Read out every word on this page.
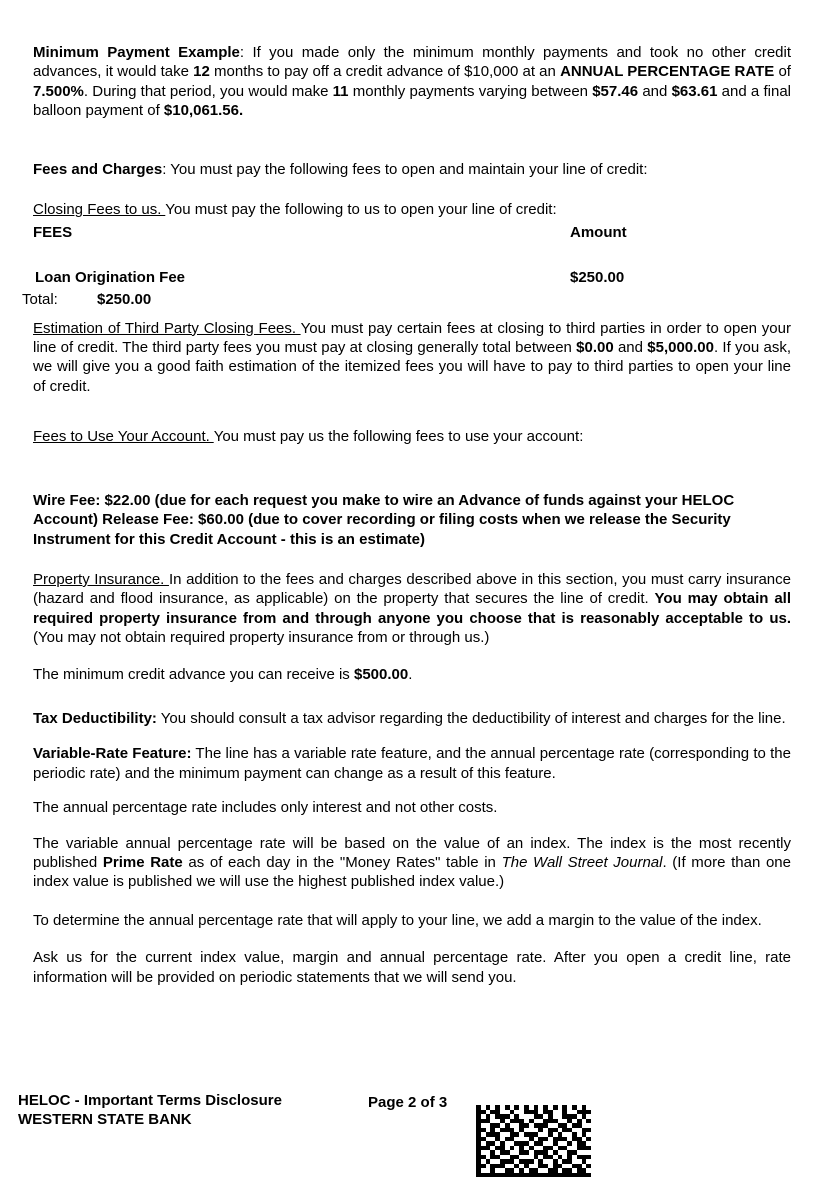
Minimum Payment Example: If you made only the minimum monthly payments and took no other credit advances, it would take 12 months to pay off a credit advance of $10,000 at an ANNUAL PERCENTAGE RATE of 7.500%. During that period, you would make 11 monthly payments varying between $57.46 and $63.61 and a final balloon payment of $10,061.56.
Fees and Charges: You must pay the following fees to open and maintain your line of credit:
Closing Fees to us. You must pay the following to us to open your line of credit:
FEES	Amount
Loan Origination Fee	$250.00
Total:	$250.00
Estimation of Third Party Closing Fees. You must pay certain fees at closing to third parties in order to open your line of credit. The third party fees you must pay at closing generally total between $0.00 and $5,000.00. If you ask, we will give you a good faith estimation of the itemized fees you will have to pay to third parties to open your line of credit.
Fees to Use Your Account. You must pay us the following fees to use your account:
Wire Fee: $22.00 (due for each request you make to wire an Advance of funds against your HELOC Account) Release Fee: $60.00 (due to cover recording or filing costs when we release the Security Instrument for this Credit Account - this is an estimate)
Property Insurance. In addition to the fees and charges described above in this section, you must carry insurance (hazard and flood insurance, as applicable) on the property that secures the line of credit. You may obtain all required property insurance from and through anyone you choose that is reasonably acceptable to us. (You may not obtain required property insurance from or through us.)
The minimum credit advance you can receive is $500.00.
Tax Deductibility: You should consult a tax advisor regarding the deductibility of interest and charges for the line.
Variable-Rate Feature: The line has a variable rate feature, and the annual percentage rate (corresponding to the periodic rate) and the minimum payment can change as a result of this feature.
The annual percentage rate includes only interest and not other costs.
The variable annual percentage rate will be based on the value of an index. The index is the most recently published Prime Rate as of each day in the "Money Rates" table in The Wall Street Journal. (If more than one index value is published we will use the highest published index value.)
To determine the annual percentage rate that will apply to your line, we add a margin to the value of the index.
Ask us for the current index value, margin and annual percentage rate. After you open a credit line, rate information will be provided on periodic statements that we will send you.
HELOC - Important Terms Disclosure
WESTERN STATE BANK
Page 2 of 3
